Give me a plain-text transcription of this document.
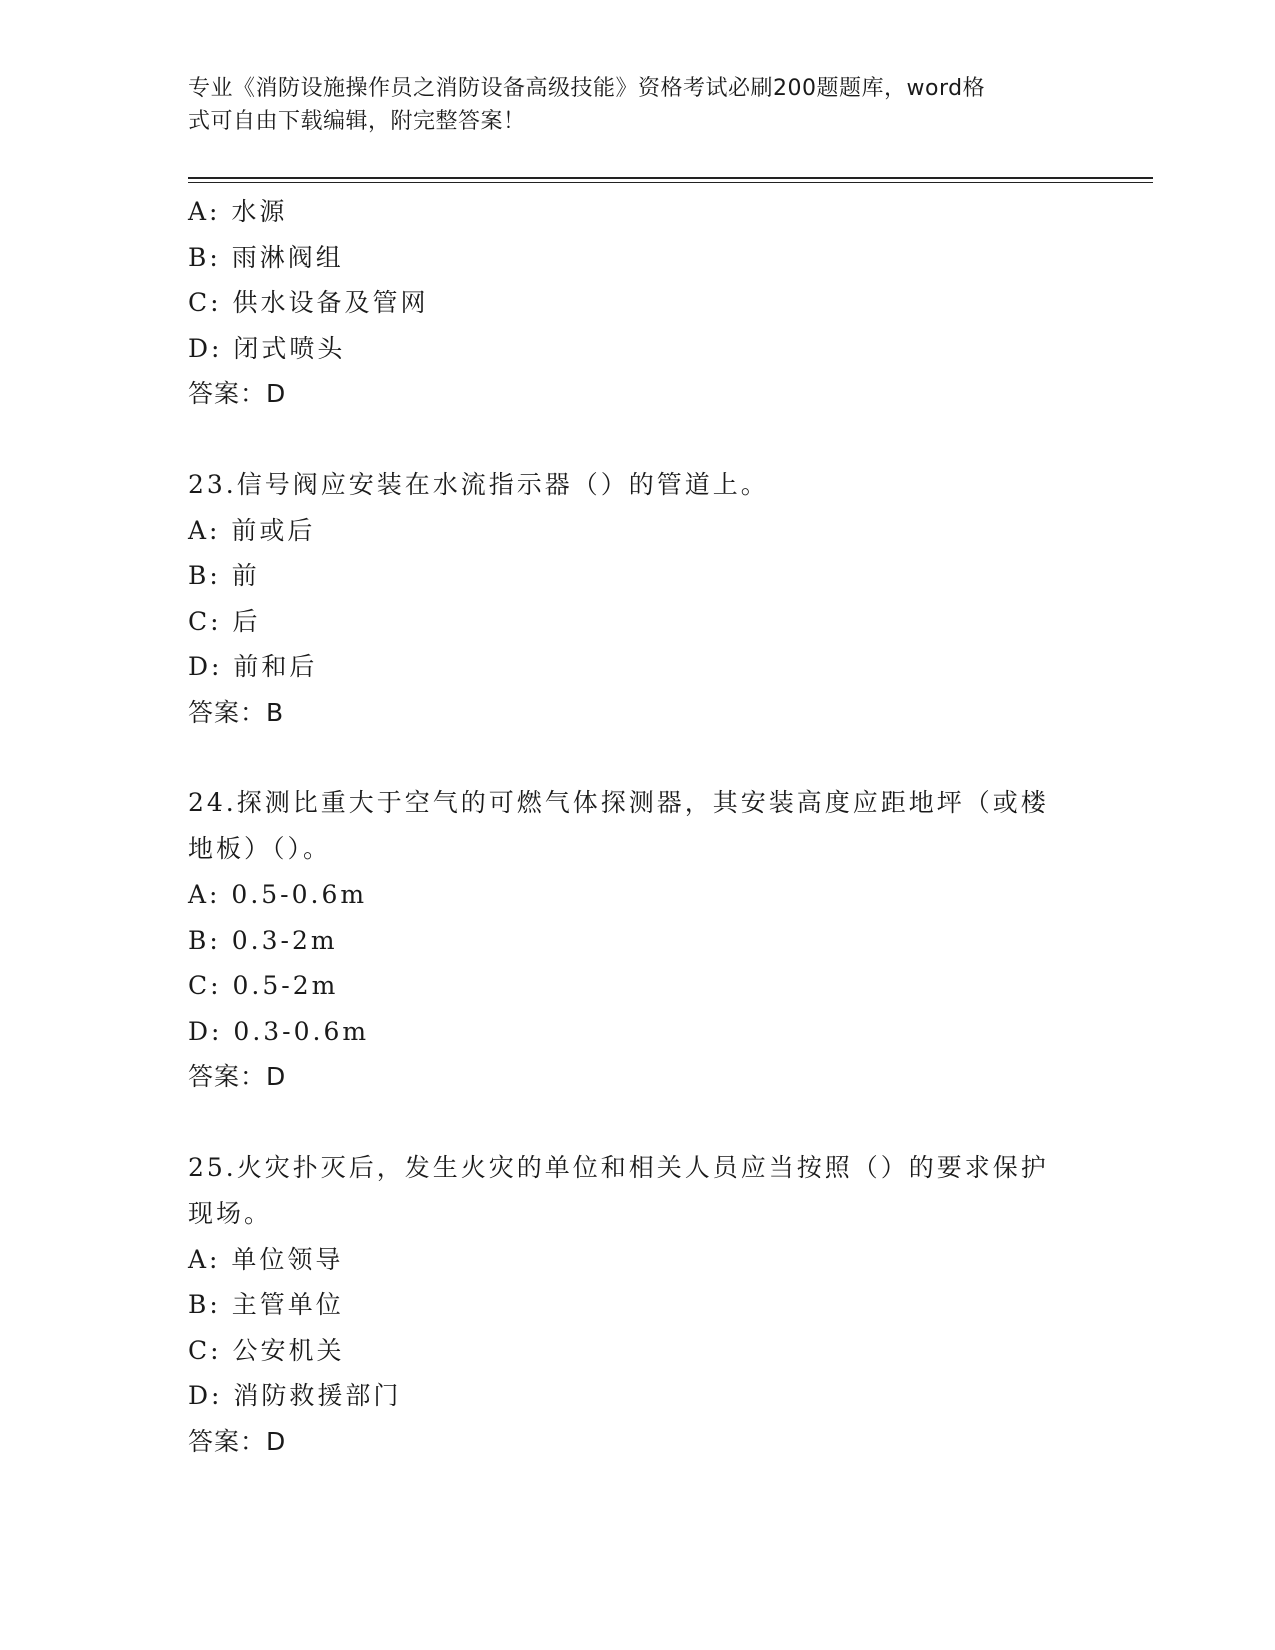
专业《消防设施操作员之消防设备高级技能》资格考试必刷200题题库，word格
式可自由下载编辑，附完整答案！
A: 水源
B: 雨淋阀组
C: 供水设备及管网
D: 闭式喷头
答案：D
23.信号阀应安装在水流指示器（）的管道上。
A: 前或后
B: 前
C: 后
D: 前和后
答案：B
24.探测比重大于空气的可燃气体探测器，其安装高度应距地坪（或楼
地板）（）。
A: 0.5-0.6m
B: 0.3-2m
C: 0.5-2m
D: 0.3-0.6m
答案：D
25.火灾扑灭后，发生火灾的单位和相关人员应当按照（）的要求保护
现场。
A: 单位领导
B: 主管单位
C: 公安机关
D: 消防救援部门
答案：D
